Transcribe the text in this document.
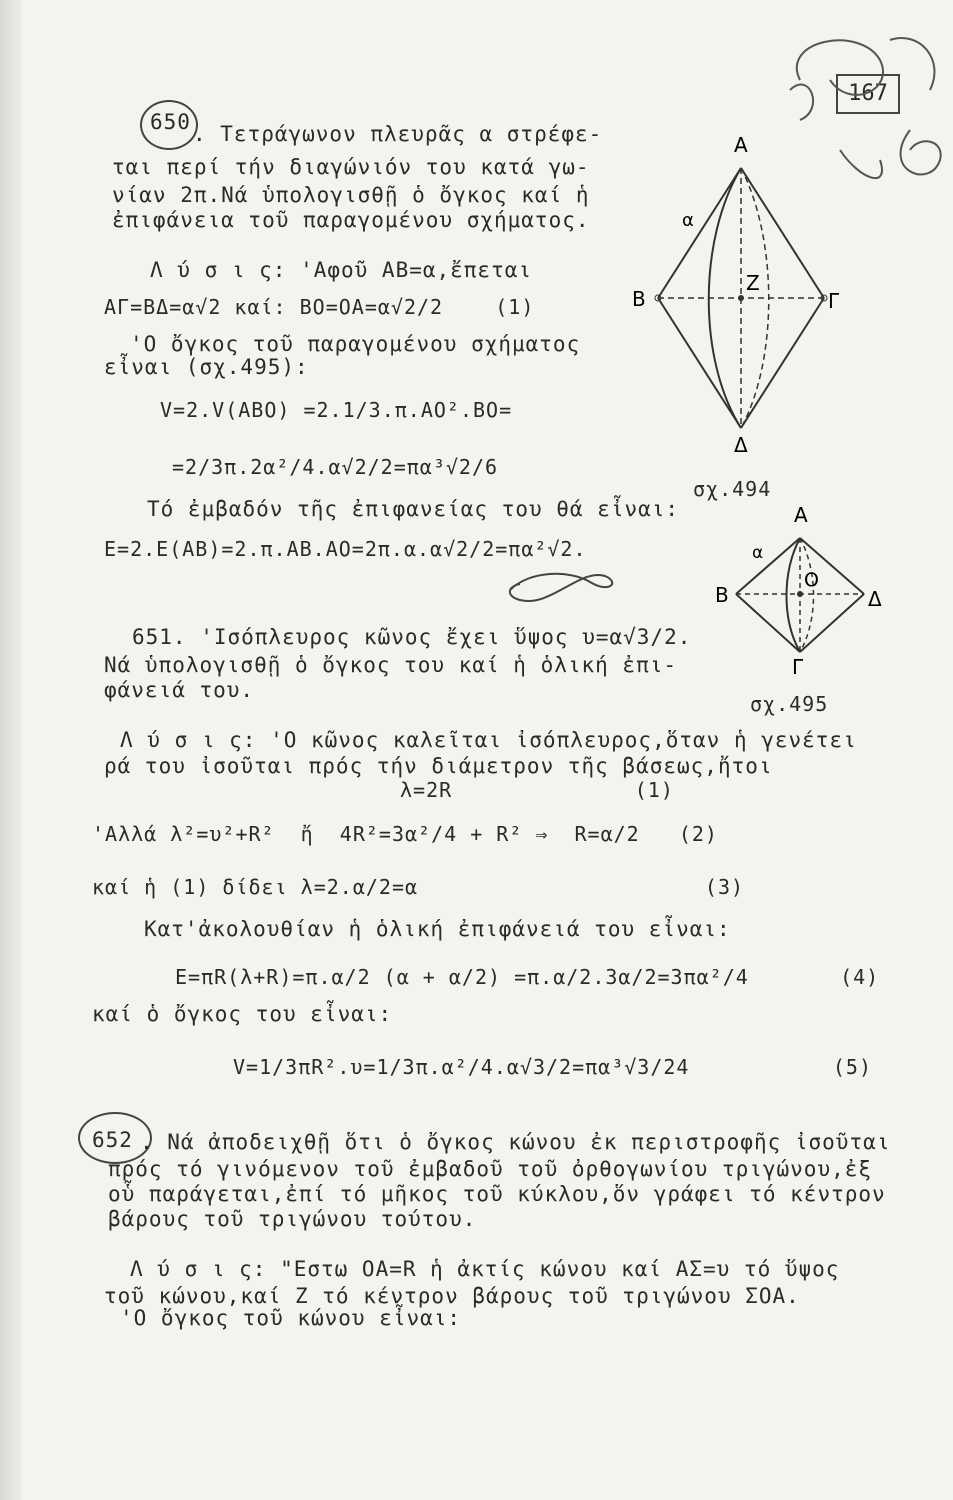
167
650 . Τετράγωνον πλευρᾶς α στρέφε-
ται περί τήν διαγώνιόν του κατά γω-
νίαν 2π.Νά ὑπολογισθῇ ὁ ὄγκος καί ἡ
ἐπιφάνεια τοῦ παραγομένου σχήματος.
Λ ύ σ ι ς: 'Αφοῦ ΑΒ=α,ἔπεται
ΑΓ=ΒΔ=α√2 καί: ΒΟ=ΟΑ=α√2/2    (1)
'Ο ὄγκος τοῦ παραγομένου σχήματος
εἶναι (σχ.495):
V=2.V(ΑΒΟ) =2.1/3.π.ΑΟ².ΒΟ=
=2/3π.2α²/4.α√2/2=πα³√2/6
Τό ἐμβαδόν τῆς ἐπιφανείας του θά εἶναι:
Ε=2.Ε(ΑΒ)=2.π.ΑΒ.ΑΟ=2π.α.α√2/2=πα²√2.
Α
α
Β	Γ
Ζ
Δ
σχ.494
Α
α
Β	Δ
Ο
Γ
σχ.495
651. 'Ισόπλευρος κῶνος ἔχει ὕψος υ=α√3/2.
Νά ὑπολογισθῇ ὁ ὄγκος του καί ἡ ὁλική ἐπι-
φάνειά του.
Λ ύ σ ι ς: 'Ο κῶνος καλεῖται ἰσόπλευρος,ὅταν ἡ γενέτει
ρά του ἰσοῦται πρός τήν διάμετρον τῆς βάσεως,ἤτοι
λ=2R              (1)
'Αλλά λ²=υ²+R²  ἤ  4R²=3α²/4 + R² ⇒  R=α/2   (2)
καί ἡ (1) δίδει λ=2.α/2=α                      (3)
Κατ'ἀκολουθίαν ἡ ὁλική ἐπιφάνειά του εἶναι:
Ε=πR(λ+R)=π.α/2 (α + α/2) =π.α/2.3α/2=3πα²/4       (4)
καί ὁ ὄγκος του εἶναι:
V=1/3πR².υ=1/3π.α²/4.α√3/2=πα³√3/24           (5)
652 . Νά ἀποδειχθῇ ὅτι ὁ ὄγκος κώνου ἐκ περιστροφῆς ἰσοῦται
πρός τό γινόμενον τοῦ ἐμβαδοῦ τοῦ ὀρθογωνίου τριγώνου,ἐξ
οὗ παράγεται,ἐπί τό μῆκος τοῦ κύκλου,ὅν γράφει τό κέντρον
βάρους τοῦ τριγώνου τούτου.
Λ ύ σ ι ς: "Εστω ΟΑ=R ἡ ἀκτίς κώνου καί ΑΣ=υ τό ὕψος
τοῦ κώνου,καί Ζ τό κέντρον βάρους τοῦ τριγώνου ΣΟΑ.
'Ο ὄγκος τοῦ κώνου εἶναι:
